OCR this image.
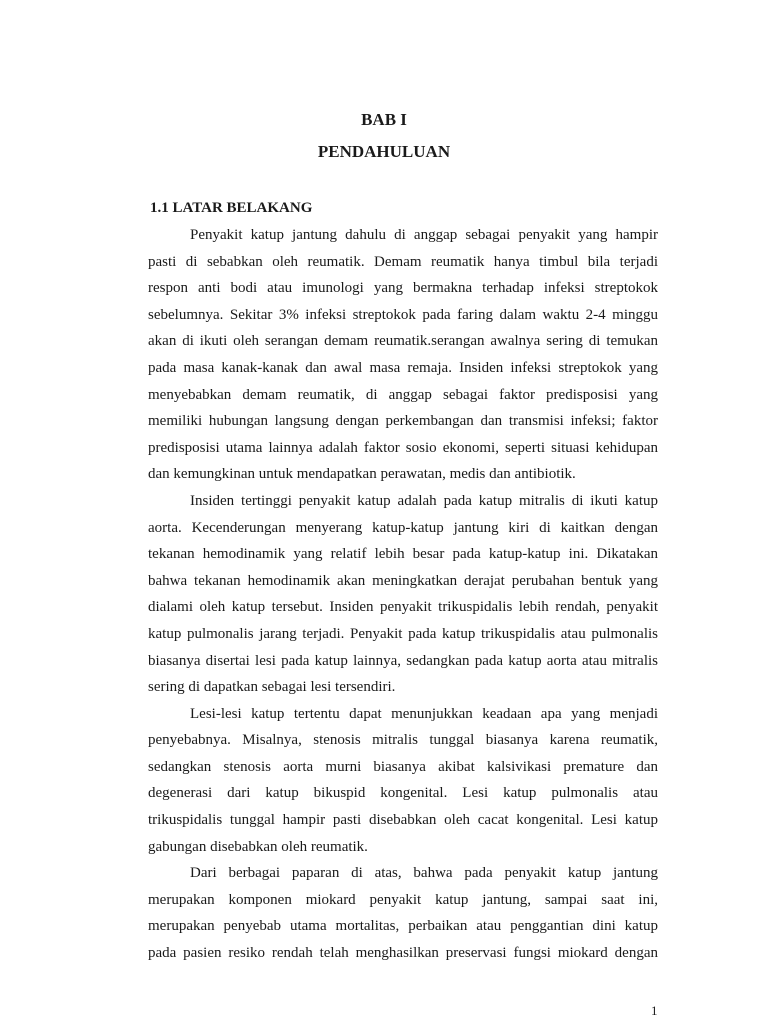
BAB I
PENDAHULUAN
1.1 LATAR BELAKANG
Penyakit katup jantung dahulu di anggap sebagai penyakit yang hampir
pasti di sebabkan oleh reumatik. Demam reumatik hanya timbul bila terjadi
respon anti bodi atau imunologi yang bermakna terhadap infeksi streptokok
sebelumnya. Sekitar 3% infeksi streptokok pada faring dalam waktu 2-4 minggu
akan di ikuti oleh serangan demam reumatik.serangan awalnya sering di temukan
pada masa kanak-kanak dan awal masa remaja. Insiden infeksi streptokok yang
menyebabkan demam reumatik, di anggap sebagai faktor predisposisi yang
memiliki hubungan langsung dengan perkembangan dan transmisi infeksi; faktor
predisposisi utama lainnya adalah faktor sosio ekonomi, seperti situasi kehidupan
dan kemungkinan untuk mendapatkan perawatan, medis dan antibiotik.
Insiden tertinggi penyakit katup adalah pada katup mitralis di ikuti katup
aorta. Kecenderungan menyerang katup-katup jantung kiri di kaitkan dengan
tekanan hemodinamik yang relatif lebih besar pada katup-katup ini. Dikatakan
bahwa tekanan hemodinamik akan meningkatkan derajat perubahan bentuk yang
dialami oleh katup tersebut. Insiden penyakit trikuspidalis lebih rendah, penyakit
katup pulmonalis jarang terjadi. Penyakit pada katup trikuspidalis atau pulmonalis
biasanya disertai lesi pada katup lainnya, sedangkan pada katup aorta atau mitralis
sering di dapatkan sebagai lesi tersendiri.
Lesi-lesi katup tertentu dapat menunjukkan keadaan apa yang menjadi
penyebabnya. Misalnya, stenosis mitralis tunggal biasanya karena reumatik,
sedangkan stenosis aorta murni biasanya akibat kalsivikasi premature dan
degenerasi dari katup bikuspid kongenital. Lesi katup pulmonalis atau
trikuspidalis tunggal hampir pasti disebabkan oleh cacat kongenital. Lesi katup
gabungan disebabkan oleh reumatik.
Dari berbagai paparan di atas, bahwa pada penyakit katup jantung
merupakan komponen miokard penyakit katup jantung, sampai saat ini,
merupakan penyebab utama mortalitas, perbaikan atau penggantian dini katup
pada pasien resiko rendah telah menghasilkan preservasi fungsi miokard dengan
1
